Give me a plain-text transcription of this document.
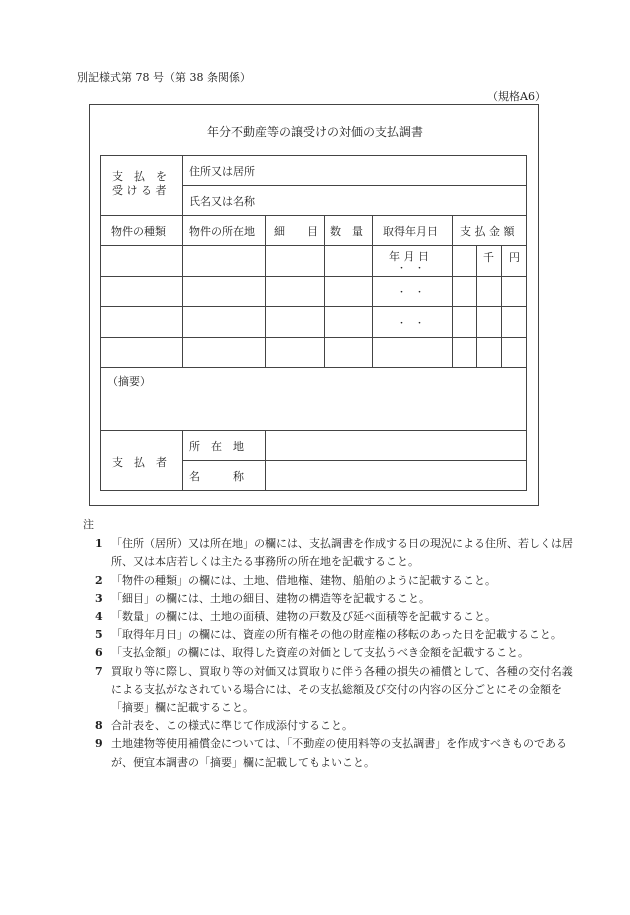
別記様式第 78 号（第 38 条関係）
（規格A6）
年分不動産等の譲受けの対価の支払調書
支　払　を
受 け る 者
住所又は居所
氏名又は名称
物件の種類 物件の所在地 細　　目 数　量 取得年月日 支 払 金 額
年 月 日
・　・
千 円
・　・
・　・
（摘要）
支　払　者
所　在　地
名　　　称
注
1 「住所（居所）又は所在地」の欄には、支払調書を作成する日の現況による住所、若しくは居所、又は本店若しくは主たる事務所の所在地を記載すること。
2 「物件の種類」の欄には、土地、借地権、建物、船舶のように記載すること。
3 「細目」の欄には、土地の細目、建物の構造等を記載すること。
4 「数量」の欄には、土地の面積、建物の戸数及び延べ面積等を記載すること。
5 「取得年月日」の欄には、資産の所有権その他の財産権の移転のあった日を記載すること。
6 「支払金額」の欄には、取得した資産の対価として支払うべき金額を記載すること。
7 買取り等に際し、買取り等の対価又は買取りに伴う各種の損失の補償として、各種の交付名義による支払がなされている場合には、その支払総額及び交付の内容の区分ごとにその金額を「摘要」欄に記載すること。
8 合計表を、この様式に準じて作成添付すること。
9 土地建物等使用補償金については、「不動産の使用料等の支払調書」を作成すべきものであるが、便宜本調書の「摘要」欄に記載してもよいこと。
